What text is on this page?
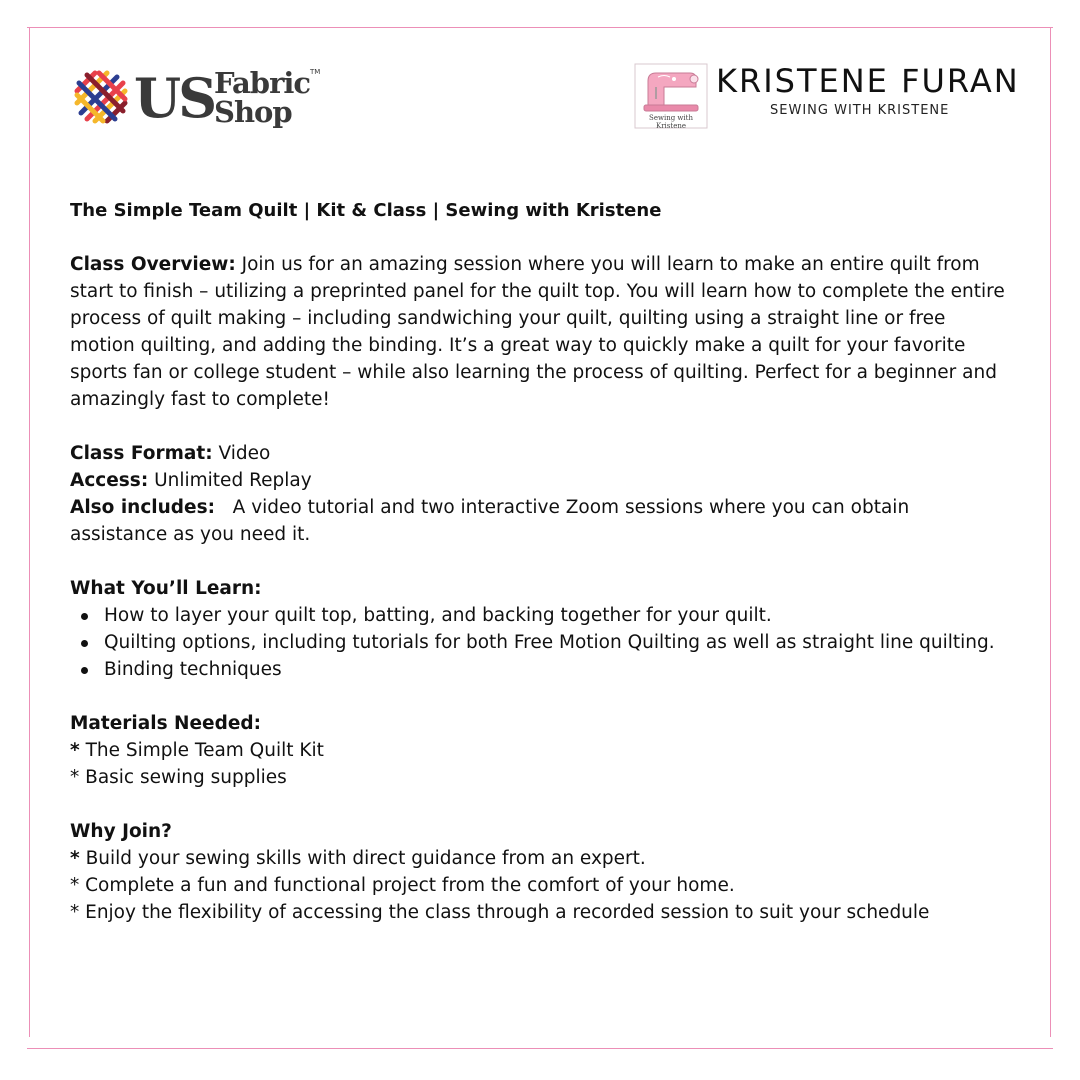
US Fabric
Shop
TM
Sewing with Kristene
KRISTENE FURAN
SEWING WITH KRISTENE

The Simple Team Quilt | Kit & Class | Sewing with Kristene

Class Overview: Join us for an amazing session where you will learn to make an entire quilt from start to finish – utilizing a preprinted panel for the quilt top. You will learn how to complete the entire process of quilt making – including sandwiching your quilt, quilting using a straight line or free motion quilting, and adding the binding. It’s a great way to quickly make a quilt for your favorite sports fan or college student – while also learning the process of quilting. Perfect for a beginner and amazingly fast to complete!

Class Format: Video

Access: Unlimited Replay

Also includes:   A video tutorial and two interactive Zoom sessions where you can obtain assistance as you need it.

What You’ll Learn:

How to layer your quilt top, batting, and backing together for your quilt.
Quilting options, including tutorials for both Free Motion Quilting as well as straight line quilting.
Binding techniques

Materials Needed:

* The Simple Team Quilt Kit

* Basic sewing supplies

Why Join?

* Build your sewing skills with direct guidance from an expert.

* Complete a fun and functional project from the comfort of your home.

* Enjoy the flexibility of accessing the class through a recorded session to suit your schedule
